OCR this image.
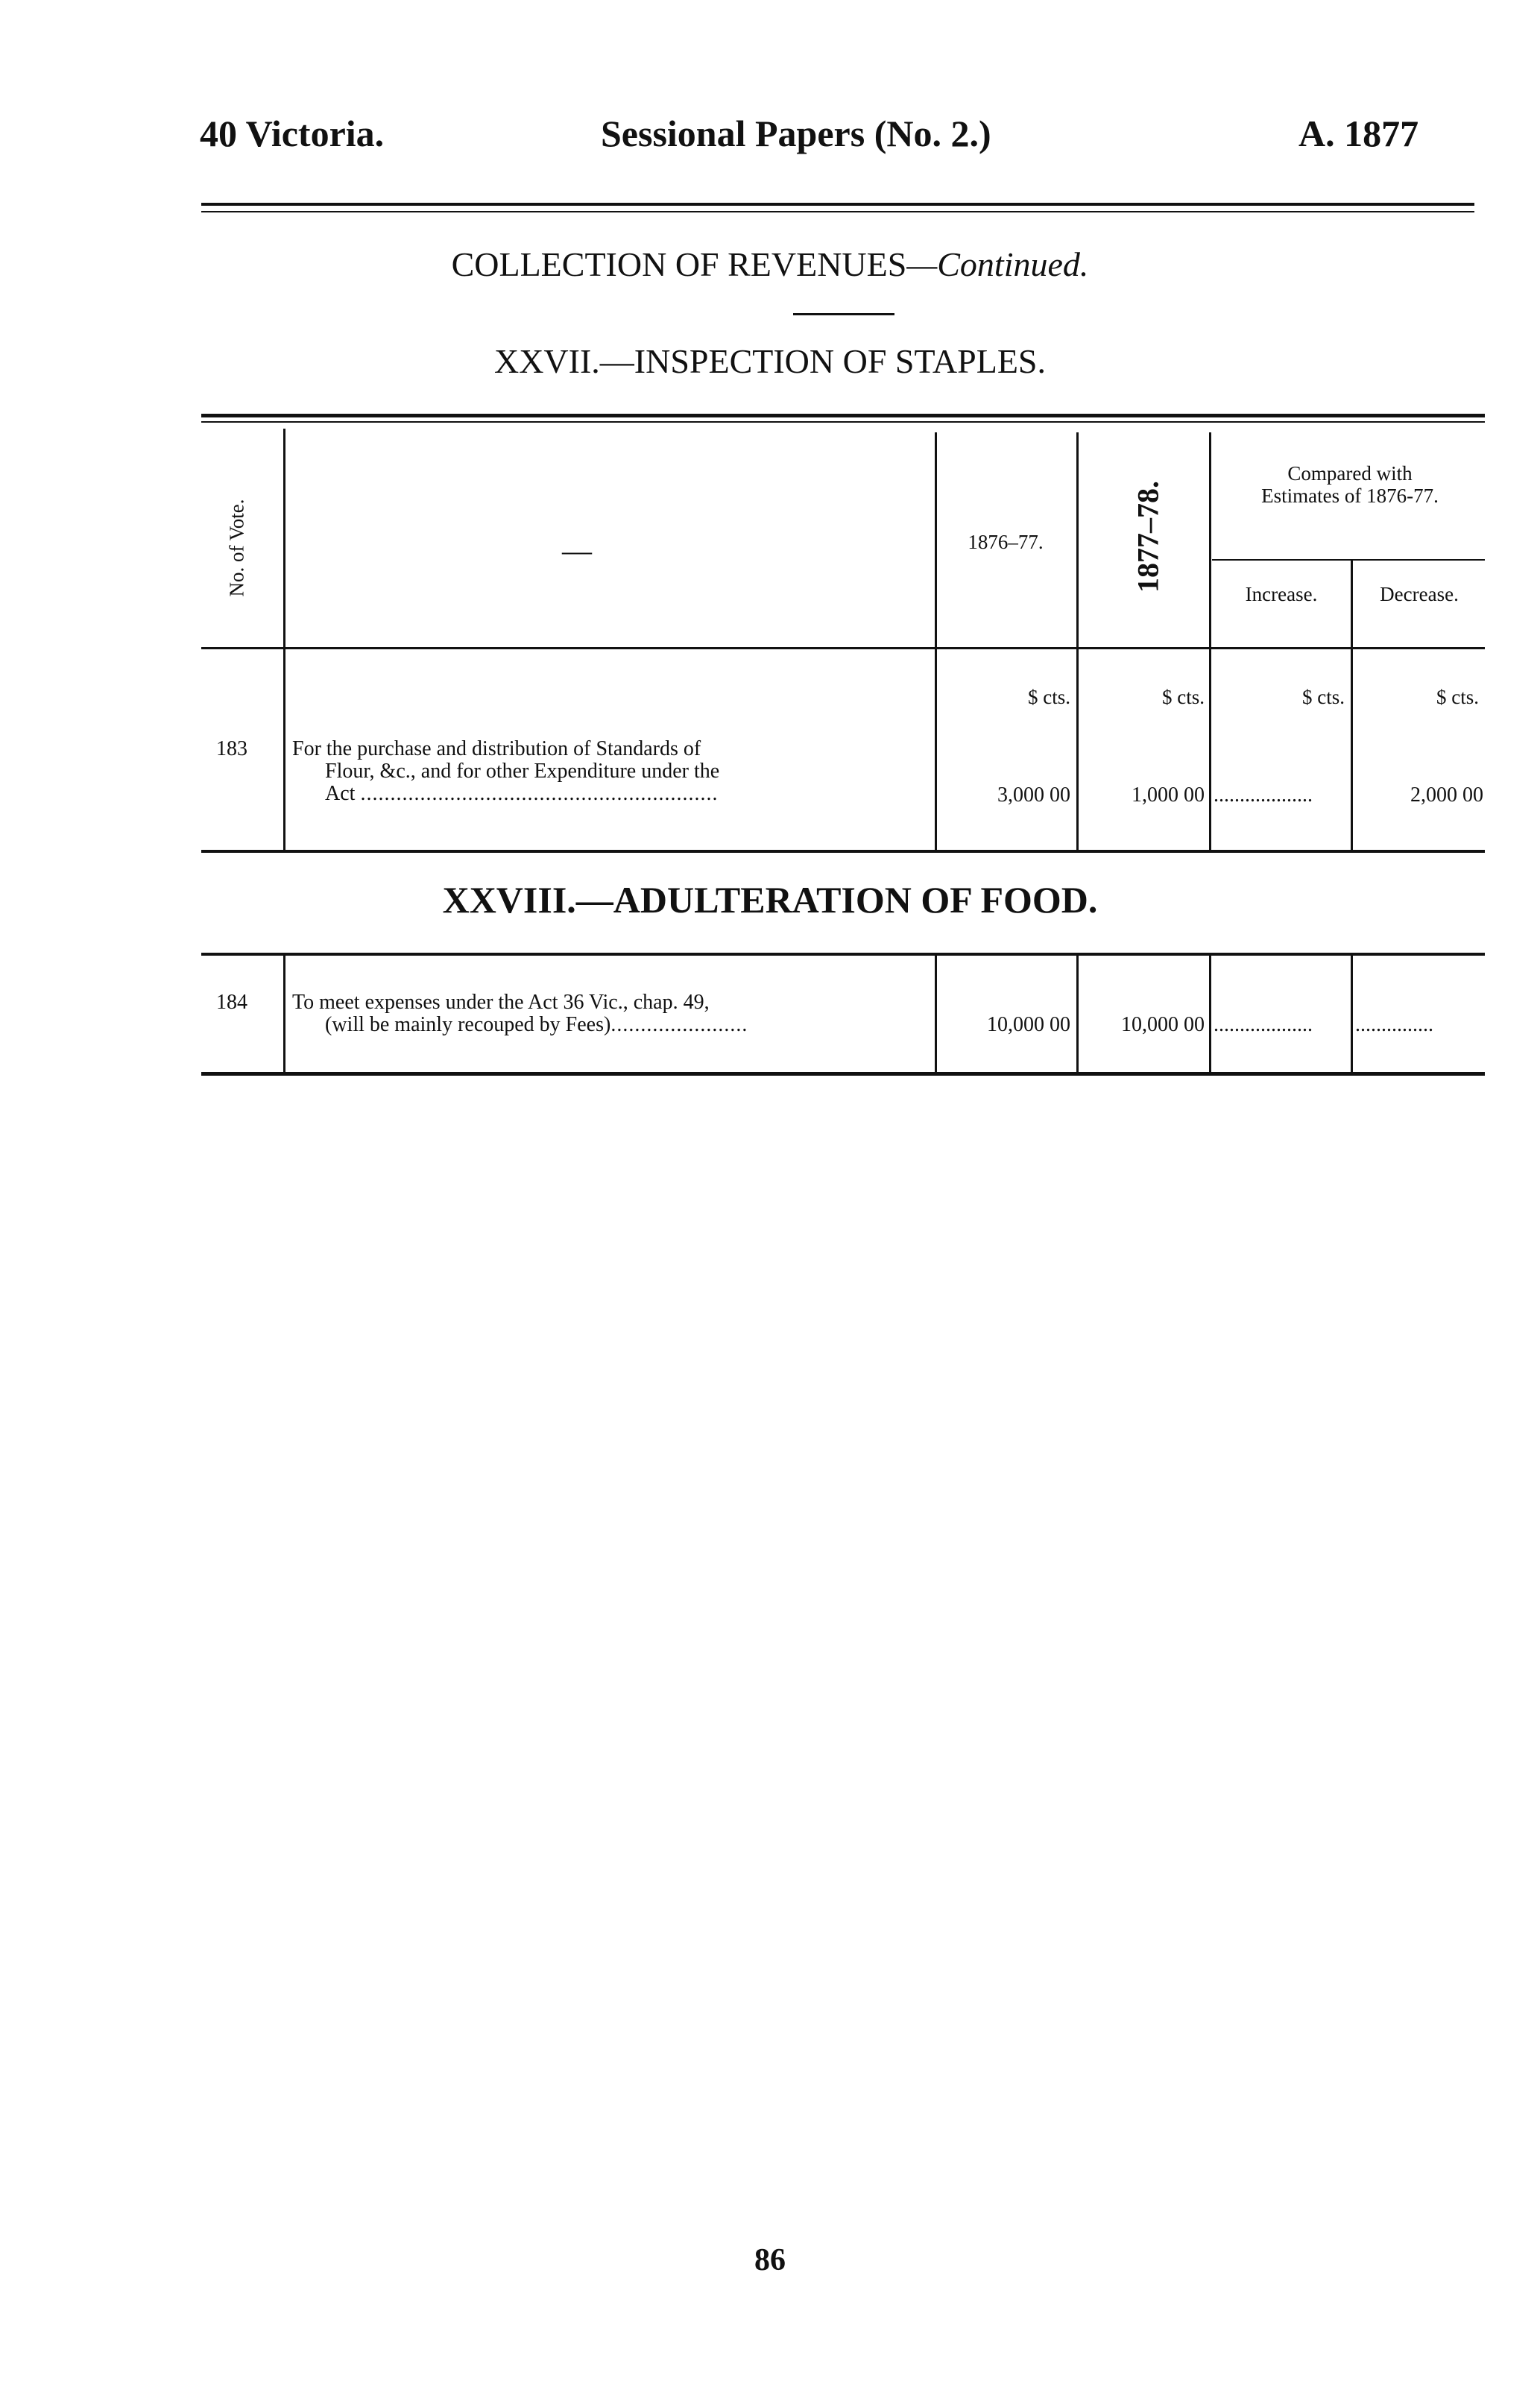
40 Victoria.	Sessional Papers (No. 2.)	A. 1877
COLLECTION OF REVENUES—Continued.
XXVII.—INSPECTION OF STAPLES.
No. of Vote.	—	1876–77.	1877–78.
Compared with
Estimates of 1876-77.
Increase.	Decrease.
$ cts.	$ cts.	$ cts.	$ cts.
183 For the purchase and distribution of Standards of
Flour, &c., and for other Expenditure under the
Act ............................................................	3,000 00	1,000 00 ...................	2,000 00
XXVIII.—ADULTERATION OF FOOD.
184 To meet expenses under the Act 36 Vic., chap. 49,
(will be mainly recouped by Fees).......................	10,000 00	10,000 00 ...................	...............
86
